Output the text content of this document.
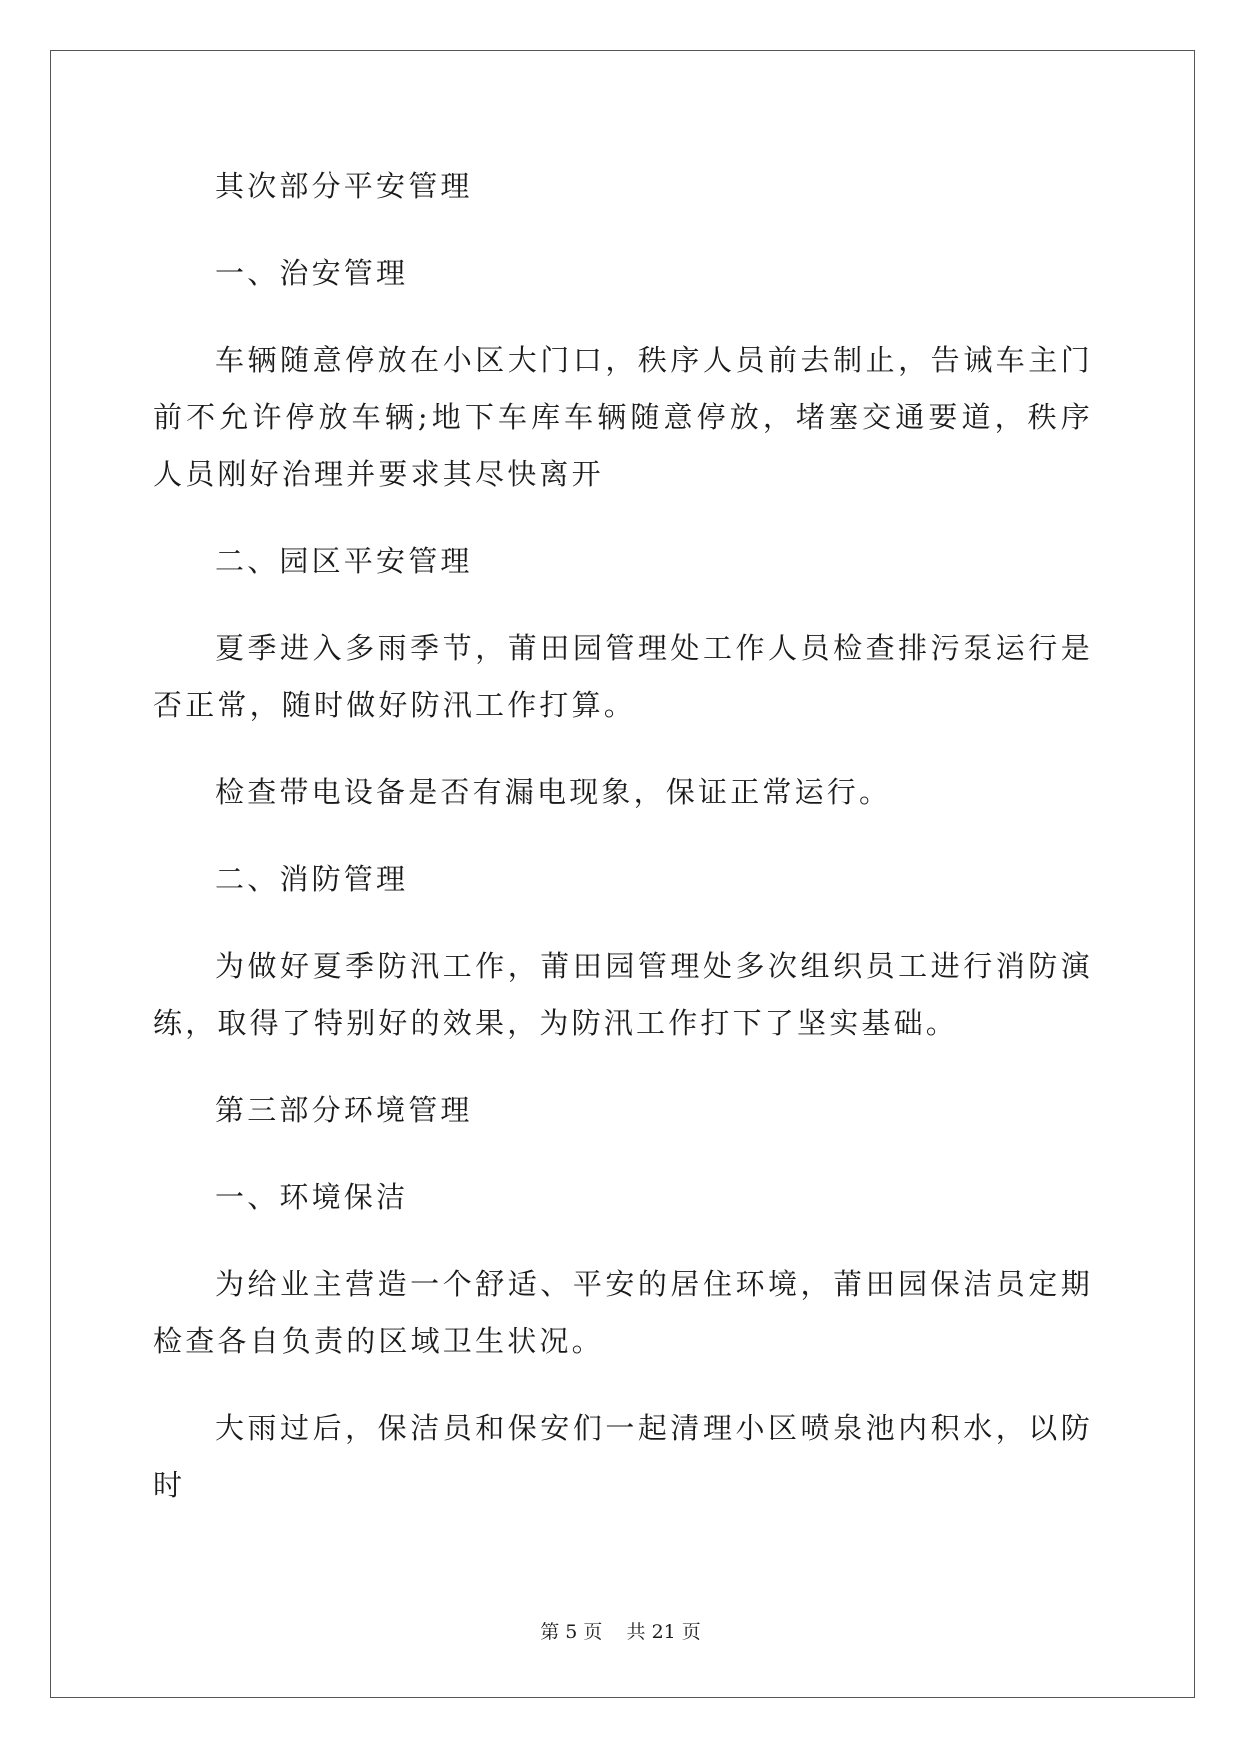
其次部分平安管理

一、治安管理

车辆随意停放在小区大门口，秩序人员前去制止，告诫车主门前不允许停放车辆;地下车库车辆随意停放，堵塞交通要道，秩序人员刚好治理并要求其尽快离开

二、园区平安管理

夏季进入多雨季节，莆田园管理处工作人员检查排污泵运行是否正常，随时做好防汛工作打算。

检查带电设备是否有漏电现象，保证正常运行。

二、消防管理

为做好夏季防汛工作，莆田园管理处多次组织员工进行消防演练，取得了特别好的效果，为防汛工作打下了坚实基础。

第三部分环境管理

一、环境保洁

为给业主营造一个舒适、平安的居住环境，莆田园保洁员定期检查各自负责的区域卫生状况。

大雨过后，保洁员和保安们一起清理小区喷泉池内积水，以防时

第 5 页 共 21 页
